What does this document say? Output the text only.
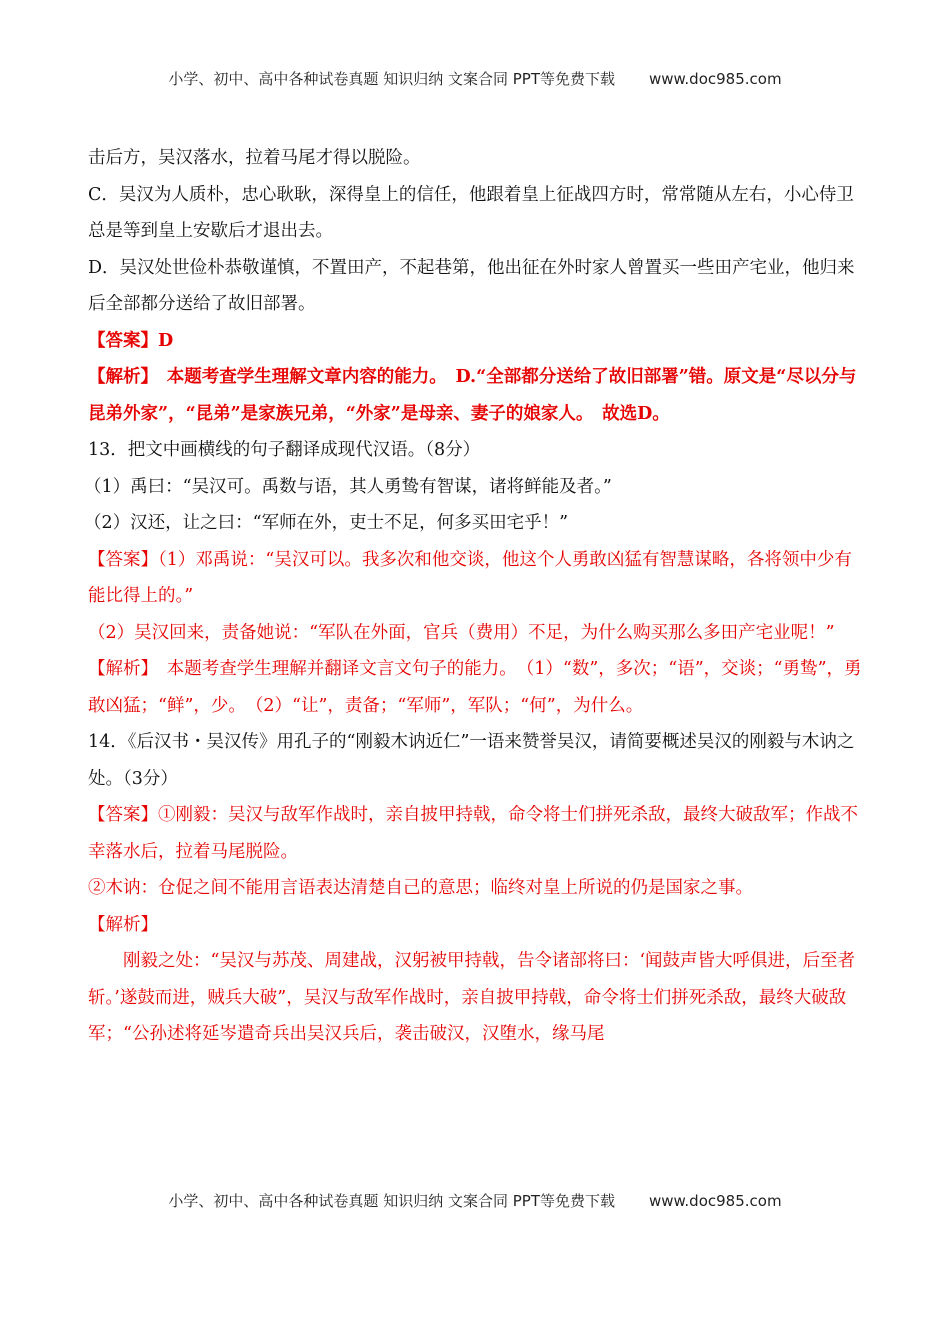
小学、初中、高中各种试卷真题 知识归纳 文案合同 PPT等免费下载 www.doc985.com

击后方，吴汉落水，拉着马尾才得以脱险。

C．吴汉为人质朴，忠心耿耿，深得皇上的信任，他跟着皇上征战四方时，常常随从左右，小心侍卫总是等到皇上安歇后才退出去。

D．吴汉处世俭朴恭敬谨慎，不置田产，不起巷第，他出征在外时家人曾置买一些田产宅业，他归来后全部都分送给了故旧部署。

【答案】D

【解析】　本题考查学生理解文章内容的能力。　D.“全部都分送给了故旧部署”错。原文是“尽以分与昆弟外家”，“昆弟”是家族兄弟，“外家”是母亲、妻子的娘家人。　故选D。

13．把文中画横线的句子翻译成现代汉语。（8分）

（1）禹曰：“吴汉可。禹数与语，其人勇鸷有智谋，诸将鲜能及者。”

（2）汉还，让之曰：“军师在外，吏士不足，何多买田宅乎！”

【答案】（1）邓禹说：“吴汉可以。我多次和他交谈，他这个人勇敢凶猛有智慧谋略，各将领中少有能比得上的。”

（2）吴汉回来，责备她说：“军队在外面，官兵（费用）不足，为什么购买那么多田产宅业呢！”

【解析】　本题考查学生理解并翻译文言文句子的能力。　（1）“数”，多次；“语”，交谈；“勇鸷”，勇敢凶猛；“鲜”，少。　（2）“让”，责备；“军师”，军队；“何”，为什么。

14．《后汉书・吴汉传》用孔子的“刚毅木讷近仁”一语来赞誉吴汉，请简要概述吴汉的刚毅与木讷之处。（3分）

【答案】①刚毅：吴汉与敌军作战时，亲自披甲持戟，命令将士们拼死杀敌，最终大破敌军；作战不幸落水后，拉着马尾脱险。

②木讷：仓促之间不能用言语表达清楚自己的意思；临终对皇上所说的仍是国家之事。

【解析】

刚毅之处：“吴汉与苏茂、周建战，汉躬被甲持戟，告令诸部将曰：‘闻鼓声皆大呼俱进，后至者斩。’遂鼓而进，贼兵大破”，吴汉与敌军作战时，亲自披甲持戟，命令将士们拼死杀敌，最终大破敌军；“公孙述将延岑遣奇兵出吴汉兵后，袭击破汉，汉堕水，缘马尾

小学、初中、高中各种试卷真题 知识归纳 文案合同 PPT等免费下载 www.doc985.com
